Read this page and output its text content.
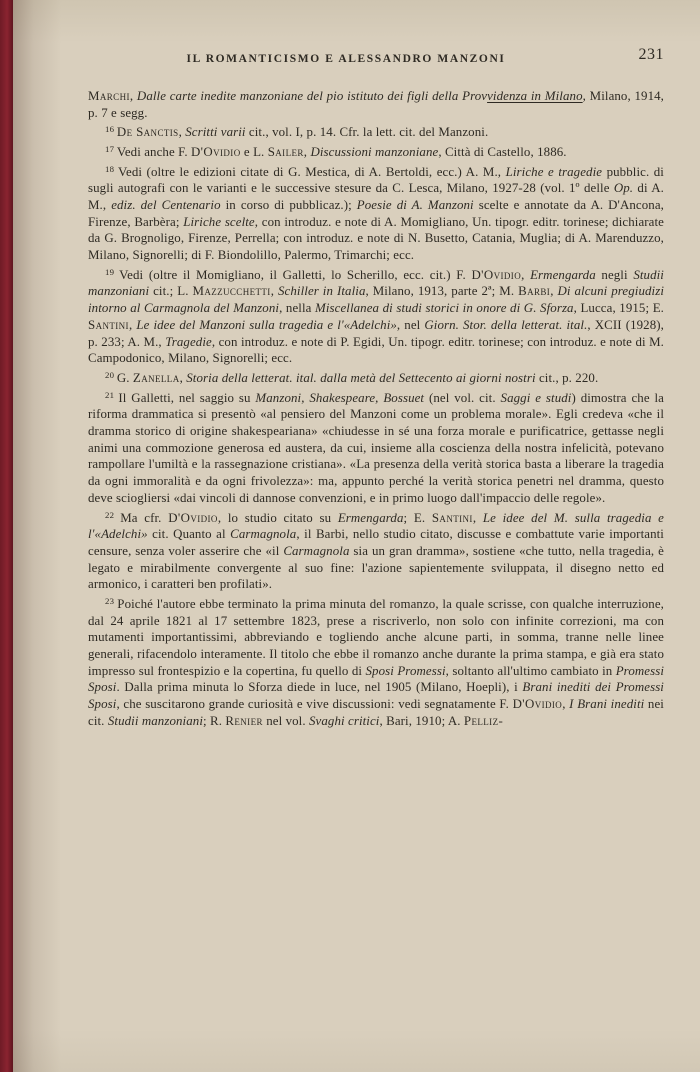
IL ROMANTICISMO E ALESSANDRO MANZONI	231

Marchi, Dalle carte inedite manzoniane del pio istituto dei figli della Provvidenza in Milano, Milano, 1914, p. 7 e segg.

$^{16}$ De Sanctis, Scritti varii cit., vol. I, p. 14. Cfr. la lett. cit. del Manzoni.

$^{17}$ Vedi anche F. D'Ovidio e L. Sailer, Discussioni manzoniane, Città di Castello, 1886.

$^{18}$ Vedi (oltre le edizioni citate di G. Mestica, di A. Bertoldi, ecc.) A. M., Liriche e tragedie pubblic. di sugli autografi con le varianti e le successive stesure da C. Lesca, Milano, 1927-28 (vol. 1º delle Op. di A. M., ediz. del Centenario in corso di pubblicaz.); Poesie di A. Manzoni scelte e annotate da A. D'Ancona, Firenze, Barbèra; Liriche scelte, con introduz. e note di A. Momigliano, Un. tipogr. editr. torinese; dichiarate da G. Brognoligo, Firenze, Perrella; con introduz. e note di N. Busetto, Catania, Muglia; di A. Marenduzzo, Milano, Signorelli; di F. Biondolillo, Palermo, Trimarchi; ecc.

$^{19}$ Vedi (oltre il Momigliano, il Galletti, lo Scherillo, ecc. cit.) F. D'Ovidio, Ermengarda negli Studii manzoniani cit.; L. Mazzucchetti, Schiller in Italia, Milano, 1913, parte 2ª; M. Barbi, Di alcuni pregiudizi intorno al Carmagnola del Manzoni, nella Miscellanea di studi storici in onore di G. Sforza, Lucca, 1915; E. Santini, Le idee del Manzoni sulla tragedia e l'«Adelchi», nel Giorn. Stor. della letterat. ital., XCII (1928), p. 233; A. M., Tragedie, con introduz. e note di P. Egidi, Un. tipogr. editr. torinese; con introduz. e note di M. Campodonico, Milano, Signorelli; ecc.

$^{20}$ G. Zanella, Storia della letterat. ital. dalla metà del Settecento ai giorni nostri cit., p. 220.

$^{21}$ Il Galletti, nel saggio su Manzoni, Shakespeare, Bossuet (nel vol. cit. Saggi e studi) dimostra che la riforma drammatica si presentò «al pensiero del Manzoni come un problema morale». Egli credeva «che il dramma storico di origine shakespeariana» «chiudesse in sé una forza morale e purificatrice, gettasse negli animi una commozione generosa ed austera, da cui, insieme alla coscienza della nostra infelicità, potevano rampollare l'umiltà e la rassegnazione cristiana». «La presenza della verità storica basta a liberare la tragedia da ogni immoralità e da ogni frivolezza»: ma, appunto perché la verità storica penetri nel dramma, questo deve sciogliersi «dai vincoli di dannose convenzioni, e in primo luogo dall'impaccio delle regole».

$^{22}$ Ma cfr. D'Ovidio, lo studio citato su Ermengarda; E. Santini, Le idee del M. sulla tragedia e l'«Adelchi» cit. Quanto al Carmagnola, il Barbi, nello studio citato, discusse e combattute varie importanti censure, senza voler asserire che «il Carmagnola sia un gran dramma», sostiene «che tutto, nella tragedia, è legato e mirabilmente convergente al suo fine: l'azione sapientemente sviluppata, il disegno netto ed armonico, i caratteri ben profilati».

$^{23}$ Poiché l'autore ebbe terminato la prima minuta del romanzo, la quale scrisse, con qualche interruzione, dal 24 aprile 1821 al 17 settembre 1823, prese a riscriverlo, non solo con infinite correzioni, ma con mutamenti importantissimi, abbreviando e togliendo anche alcune parti, in somma, tranne nelle linee generali, rifacendolo interamente. Il titolo che ebbe il romanzo anche durante la prima stampa, e già era stato impresso sul frontespizio e la copertina, fu quello di Sposi Promessi, soltanto all'ultimo cambiato in Promessi Sposi. Dalla prima minuta lo Sforza diede in luce, nel 1905 (Milano, Hoepli), i Brani inediti dei Promessi Sposi, che suscitarono grande curiosità e vive discussioni: vedi segnatamente F. D'Ovidio, I Brani inediti nei cit. Studii manzoniani; R. Renier nel vol. Svaghi critici, Bari, 1910; A. Pelliz-
